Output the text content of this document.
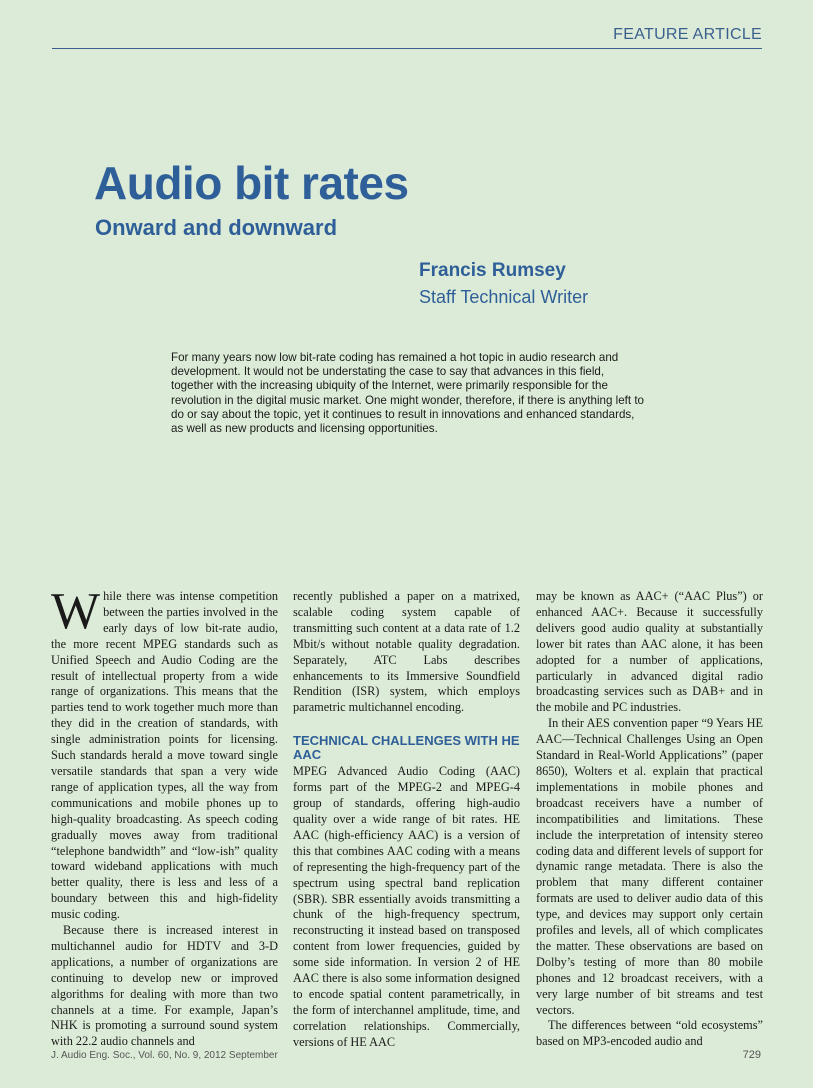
FEATURE ARTICLE
Audio bit rates
Onward and downward
Francis Rumsey
Staff Technical Writer

For many years now low bit-rate coding has remained a hot topic in audio research and development. It would not be understating the case to say that advances in this field, together with the increasing ubiquity of the Internet, were primarily responsible for the revolution in the digital music market. One might wonder, therefore, if there is anything left to do or say about the topic, yet it continues to result in innovations and enhanced standards, as well as new products and licensing opportunities.

While there was intense competition between the parties involved in the early days of low bit-rate audio, the more recent MPEG standards such as Unified Speech and Audio Coding are the result of intellectual property from a wide range of organizations. This means that the parties tend to work together much more than they did in the creation of standards, with single administration points for licensing. Such standards herald a move toward single versatile standards that span a very wide range of application types, all the way from communications and mobile phones up to high-quality broadcasting. As speech coding gradually moves away from traditional “telephone bandwidth” and “low-ish” quality toward wideband applications with much better quality, there is less and less of a boundary between this and high-fidelity music coding.

Because there is increased interest in multichannel audio for HDTV and 3-D applications, a number of organizations are continuing to develop new or improved algorithms for dealing with more than two channels at a time. For example, Japan’s NHK is promoting a surround sound system with 22.2 audio channels and

recently published a paper on a matrixed, scalable coding system capable of transmitting such content at a data rate of 1.2 Mbit/s without notable quality degradation. Separately, ATC Labs describes enhancements to its Immersive Soundfield Rendition (ISR) system, which employs parametric multichannel encoding.

TECHNICAL CHALLENGES WITH HE AAC

MPEG Advanced Audio Coding (AAC) forms part of the MPEG-2 and MPEG-4 group of standards, offering high-audio quality over a wide range of bit rates. HE AAC (high-efficiency AAC) is a version of this that combines AAC coding with a means of representing the high-frequency part of the spectrum using spectral band replication (SBR). SBR essentially avoids transmitting a chunk of the high-frequency spectrum, reconstructing it instead based on transposed content from lower frequencies, guided by some side information. In version 2 of HE AAC there is also some information designed to encode spatial content parametrically, in the form of interchannel amplitude, time, and correlation relationships. Commercially, versions of HE AAC

may be known as AAC+ (“AAC Plus”) or enhanced AAC+. Because it successfully delivers good audio quality at substantially lower bit rates than AAC alone, it has been adopted for a number of applications, particularly in advanced digital radio broadcasting services such as DAB+ and in the mobile and PC industries.

In their AES convention paper “9 Years HE AAC—Technical Challenges Using an Open Standard in Real-World Applications” (paper 8650), Wolters et al. explain that practical implementations in mobile phones and broadcast receivers have a number of incompatibilities and limitations. These include the interpretation of intensity stereo coding data and different levels of support for dynamic range metadata. There is also the problem that many different container formats are used to deliver audio data of this type, and devices may support only certain profiles and levels, all of which complicates the matter. These observations are based on Dolby’s testing of more than 80 mobile phones and 12 broadcast receivers, with a very large number of bit streams and test vectors.

The differences between “old ecosystems” based on MP3-encoded audio and

J. Audio Eng. Soc., Vol. 60, No. 9, 2012 September	729
